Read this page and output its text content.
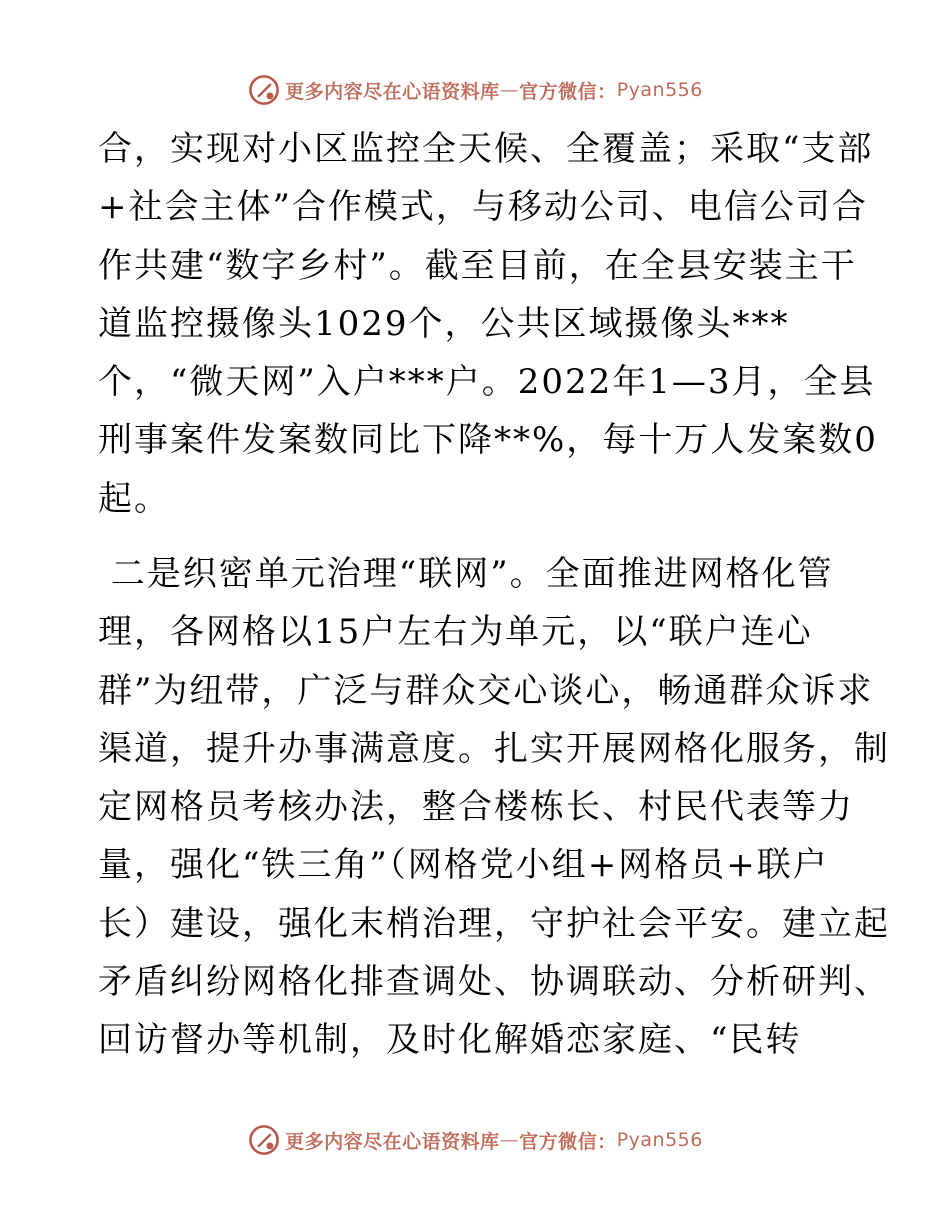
更多内容尽在心语资料库 — 官方微信： Pyan556
合，实现对小区监控全天候、全覆盖；采取“支部
+社会主体”合作模式，与移动公司、电信公司合
作共建“数字乡村”。截至目前，在全县安装主干
道监控摄像头1029个，公共区域摄像头***
个，“微天网”入户***户。2022年1—3月，全县
刑事案件发案数同比下降**%，每十万人发案数0
起。
二是织密单元治理“联网”。全面推进网格化管
理，各网格以15户左右为单元，以“联户连心
群”为纽带，广泛与群众交心谈心，畅通群众诉求
渠道，提升办事满意度。扎实开展网格化服务，制
定网格员考核办法，整合楼栋长、村民代表等力
量，强化“铁三角”（网格党小组+网格员+联户
长）建设，强化末梢治理，守护社会平安。建立起
矛盾纠纷网格化排查调处、协调联动、分析研判、
回访督办等机制，及时化解婚恋家庭、“民转
更多内容尽在心语资料库 — 官方微信： Pyan556
